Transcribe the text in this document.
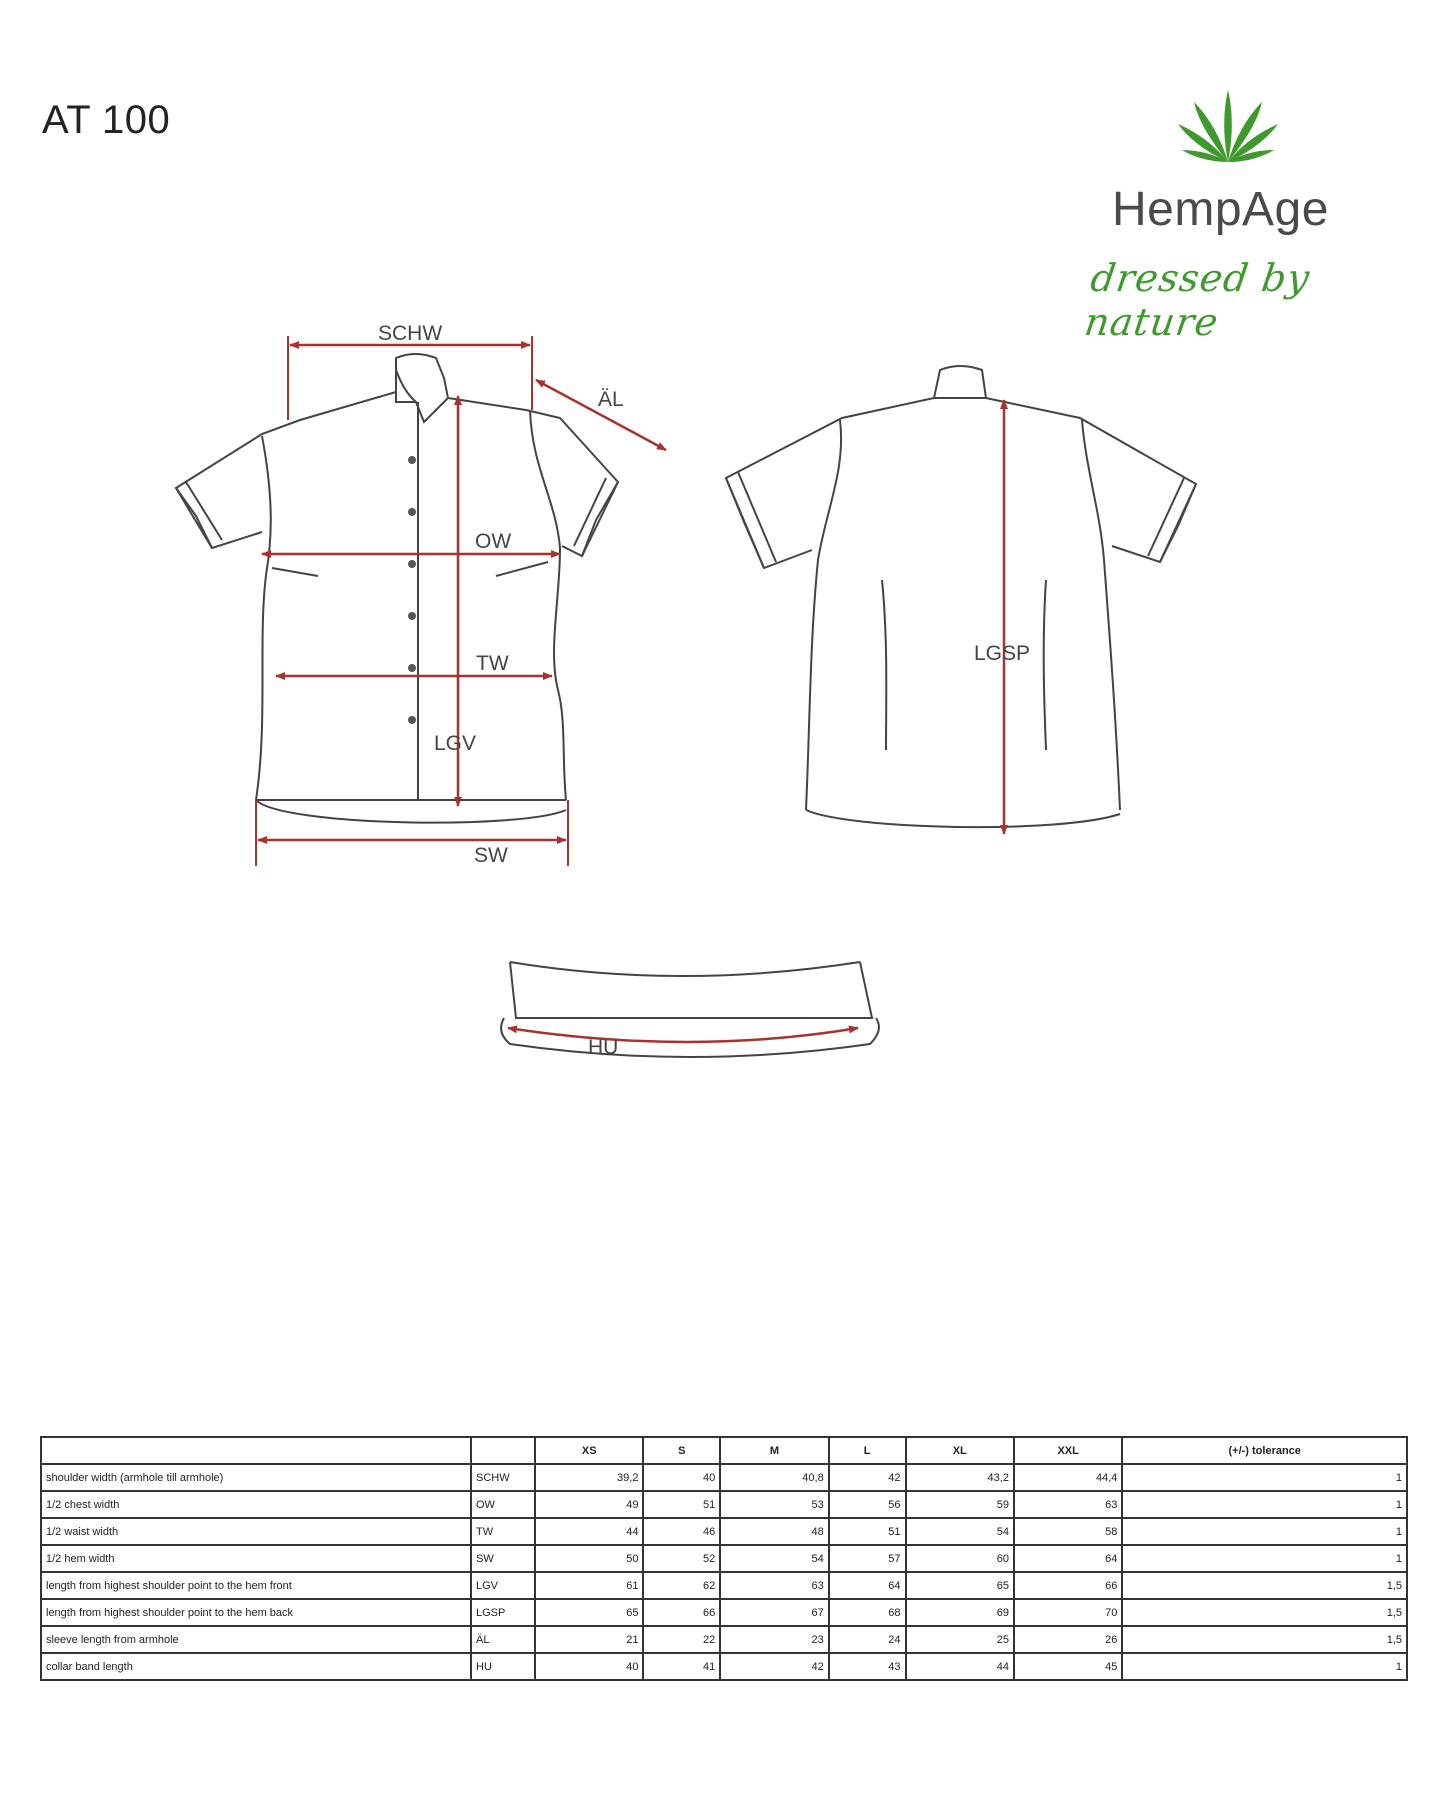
AT 100
HempAge
dressed by nature
SCHW
ÄL
OW
TW
LGV
SW
LGSP
HU
		XS	S	M	L	XL	XXL	(+/-) tolerance
shoulder width (armhole till armhole)	SCHW	39,2	40	40,8	42	43,2	44,4	1
1/2 chest width	OW	49	51	53	56	59	63	1
1/2 waist width	TW	44	46	48	51	54	58	1
1/2 hem width	SW	50	52	54	57	60	64	1
length from highest shoulder point to the hem front	LGV	61	62	63	64	65	66	1,5
length from highest shoulder point to the hem back	LGSP	65	66	67	68	69	70	1,5
sleeve length from armhole	ÄL	21	22	23	24	25	26	1,5
collar band length	HU	40	41	42	43	44	45	1
